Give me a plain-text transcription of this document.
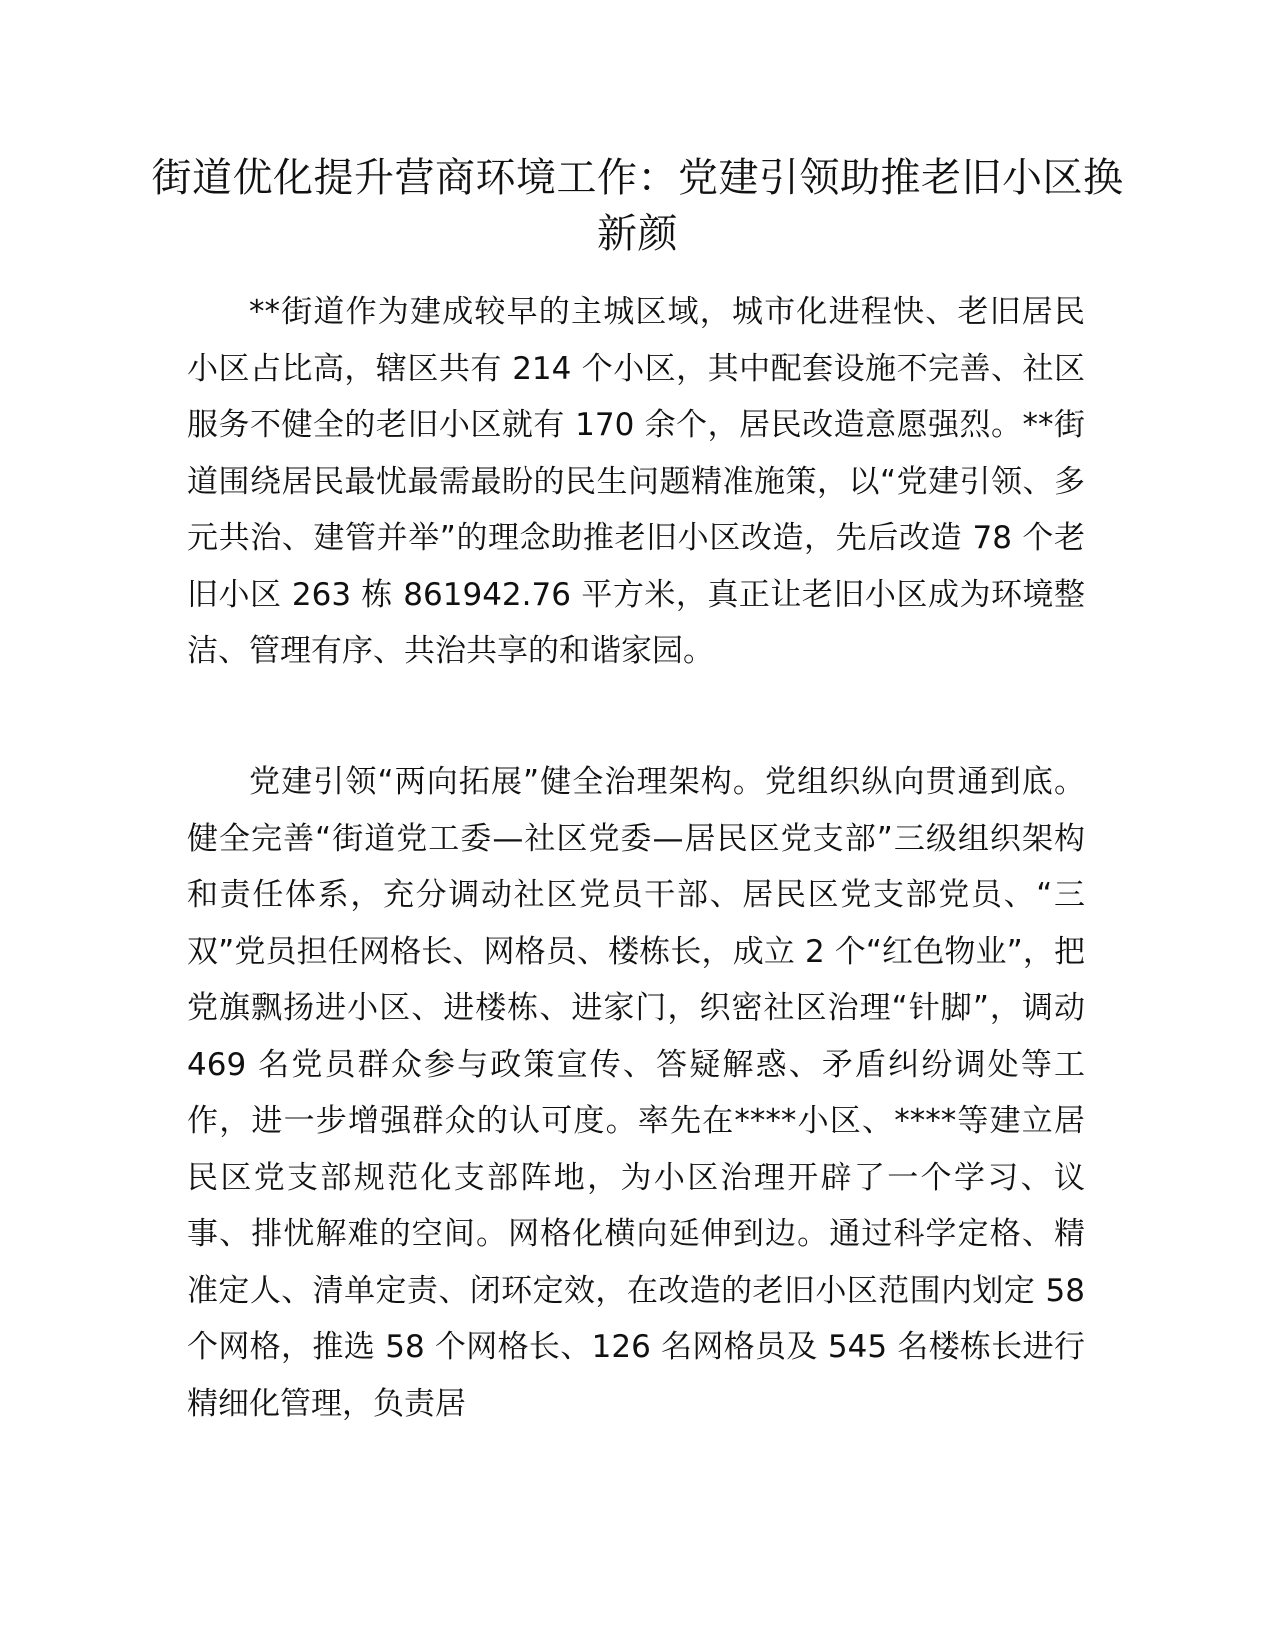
街道优化提升营商环境工作：党建引领助推老旧小区换新颜

**街道作为建成较早的主城区域，城市化进程快、老旧居民小区占比高，辖区共有 214 个小区，其中配套设施不完善、社区服务不健全的老旧小区就有 170 余个，居民改造意愿强烈。**街道围绕居民最忧最需最盼的民生问题精准施策，以“党建引领、多元共治、建管并举”的理念助推老旧小区改造，先后改造 78 个老旧小区 263 栋 861942.76 平方米，真正让老旧小区成为环境整洁、管理有序、共治共享的和谐家园。

党建引领“两向拓展”健全治理架构。党组织纵向贯通到底。健全完善“街道党工委—社区党委—居民区党支部”三级组织架构和责任体系，充分调动社区党员干部、居民区党支部党员、“三双”党员担任网格长、网格员、楼栋长，成立 2 个“红色物业”，把党旗飘扬进小区、进楼栋、进家门，织密社区治理“针脚”，调动 469 名党员群众参与政策宣传、答疑解惑、矛盾纠纷调处等工作，进一步增强群众的认可度。率先在****小区、****等建立居民区党支部规范化支部阵地，为小区治理开辟了一个学习、议事、排忧解难的空间。网格化横向延伸到边。通过科学定格、精准定人、清单定责、闭环定效，在改造的老旧小区范围内划定 58 个网格，推选 58 个网格长、126 名网格员及 545 名楼栋长进行精细化管理，负责居
